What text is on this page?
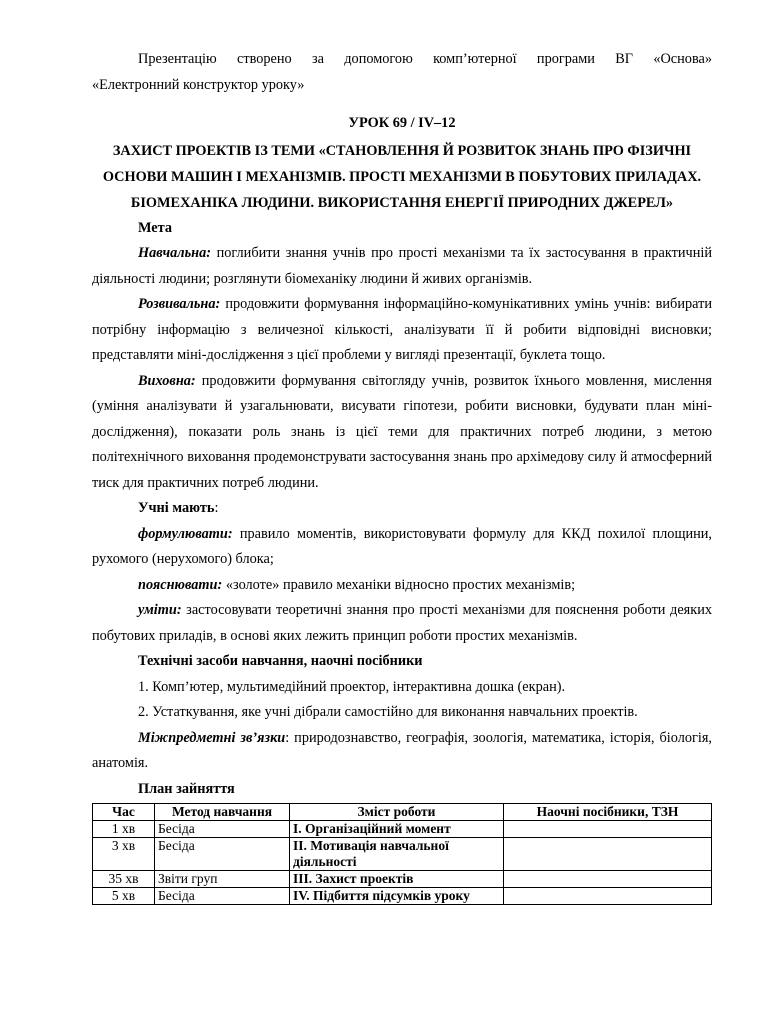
Презентацію створено за допомогою комп’ютерної програми ВГ «Основа»

«Електронний конструктор уроку»

УРОК 69 / IV–12

ЗАХИСТ ПРОЕКТІВ ІЗ ТЕМИ «СТАНОВЛЕННЯ Й РОЗВИТОК ЗНАНЬ ПРО ФІЗИЧНІ ОСНОВИ МАШИН І МЕХАНІЗМІВ. ПРОСТІ МЕХАНІЗМИ В ПОБУТОВИХ ПРИЛАДАХ. БІОМЕХАНІКА ЛЮДИНИ. ВИКОРИСТАННЯ ЕНЕРГІЇ ПРИРОДНИХ ДЖЕРЕЛ»

Мета

Навчальна: поглибити знання учнів про прості механізми та їх застосування в практичній діяльності людини; розглянути біомеханіку людини й живих організмів.

Розвивальна: продовжити формування інформаційно-комунікативних умінь учнів: вибирати потрібну інформацію з величезної кількості, аналізувати її й робити відповідні висновки; представляти міні-дослідження з цієї проблеми у вигляді презентації, буклета тощо.

Виховна: продовжити формування світогляду учнів, розвиток їхнього мовлення, мислення (уміння аналізувати й узагальнювати, висувати гіпотези, робити висновки, будувати план міні-дослідження), показати роль знань із цієї теми для практичних потреб людини, з метою політехнічного виховання продемонструвати застосування знань про архімедову силу й атмосферний тиск для практичних потреб людини.

Учні мають:

формулювати: правило моментів, використовувати формулу для ККД похилої площини, рухомого (нерухомого) блока;

пояснювати: «золоте» правило механіки відносно простих механізмів;

уміти: застосовувати теоретичні знання про прості механізми для пояснення роботи деяких побутових приладів, в основі яких лежить принцип роботи простих механізмів.

Технічні засоби навчання, наочні посібники

1. Комп’ютер, мультимедійний проектор, інтерактивна дошка (екран).

2. Устаткування, яке учні дібрали самостійно для виконання навчальних проектів.

Міжпредметні зв’язки: природознавство, географія, зоологія, математика, історія, біологія, анатомія.

План зайняття

Час	Метод навчання	Зміст роботи	Наочні посібники, ТЗН
1 хв	Бесіда	І. Організаційний момент	
3 хв	Бесіда	ІІ. Мотивація навчальної діяльності	
35 хв	Звіти груп	ІІІ. Захист проектів	
5 хв	Бесіда	IV. Підбиття підсумків уроку	
